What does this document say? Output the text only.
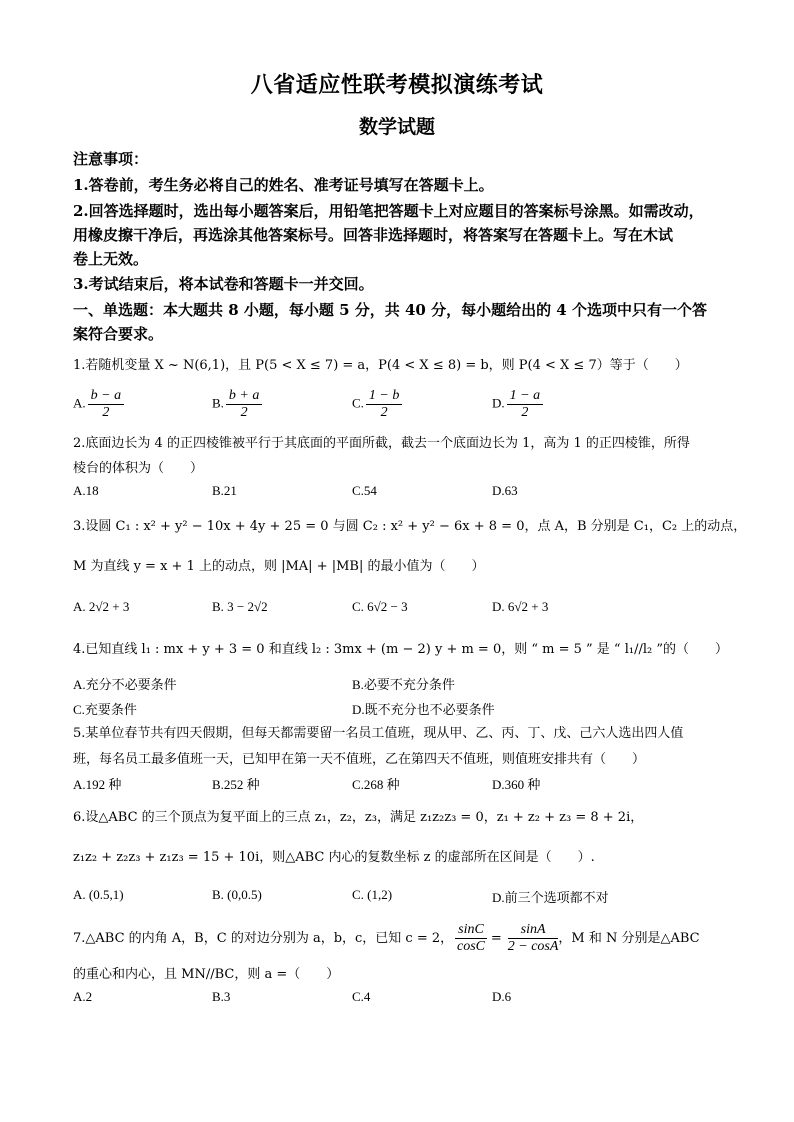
八省适应性联考模拟演练考试
数学试题
注意事项：
1.答卷前，考生务必将自己的姓名、准考证号填写在答题卡上。
2.回答选择题时，选出每小题答案后，用铅笔把答题卡上对应题目的答案标号涂黑。如需改动，
用橡皮擦干净后，再选涂其他答案标号。回答非选择题时，将答案写在答题卡上。写在木试
卷上无效。
3.考试结束后，将本试卷和答题卡一并交回。
一、单选题：本大题共 8 小题，每小题 5 分，共 40 分，每小题给出的 4 个选项中只有一个答
案符合要求。
1.若随机变量 X ~ N(6,1)，且 P(5 < X ≤ 7) = a，P(4 < X ≤ 8) = b，则 P(4 < X ≤ 7）等于（　　）
A. $\frac{b - a}{2}$	B. $\frac{b + a}{2}$	C. $\frac{1 - b}{2}$	D. $\frac{1 - a}{2}$
2.底面边长为 4 的正四棱锥被平行于其底面的平面所截，截去一个底面边长为 1，高为 1 的正四棱锥，所得
棱台的体积为（　　）
A.18	B.21	C.54	D.63
3.设圆 C₁ : x² + y² − 10x + 4y + 25 = 0 与圆 C₂ : x² + y² − 6x + 8 = 0，点 A，B 分别是 C₁，C₂ 上的动点，
M 为直线 y = x + 1 上的动点，则 |MA| + |MB| 的最小值为（　　）
A. 2√2 + 3	B. 3 − 2√2	C. 6√2 − 3	D. 6√2 + 3
4.已知直线 l₁ : mx + y + 3 = 0 和直线 l₂ : 3mx + (m − 2) y + m = 0，则 “ m = 5 ” 是 “ l₁//l₂ ”的（　　）
A.充分不必要条件	B.必要不充分条件
C.充要条件	D.既不充分也不必要条件
5.某单位春节共有四天假期，但每天都需要留一名员工值班，现从甲、乙、丙、丁、戊、己六人选出四人值
班，每名员工最多值班一天，已知甲在第一天不值班，乙在第四天不值班，则值班安排共有（　　）
A.192 种	B.252 种	C.268 种	D.360 种
6.设△ABC 的三个顶点为复平面上的三点 z₁，z₂，z₃，满足 z₁z₂z₃ = 0，z₁ + z₂ + z₃ = 8 + 2i，
z₁z₂ + z₂z₃ + z₁z₃ = 15 + 10i，则△ABC 内心的复数坐标 z 的虚部所在区间是（　　）.
A. (0.5,1)	B. (0,0.5)	C. (1,2)	D.前三个选项都不对
7.△ABC 的内角 A，B，C 的对边分别为 a，b，c，已知 c = 2， $\frac{\sin C}{\cos C} = \frac{\sin A}{2 - \cos A}$ ，M 和 N 分别是△ABC
的重心和内心，且 MN//BC，则 a =（　　）
A.2	B.3	C.4	D.6
